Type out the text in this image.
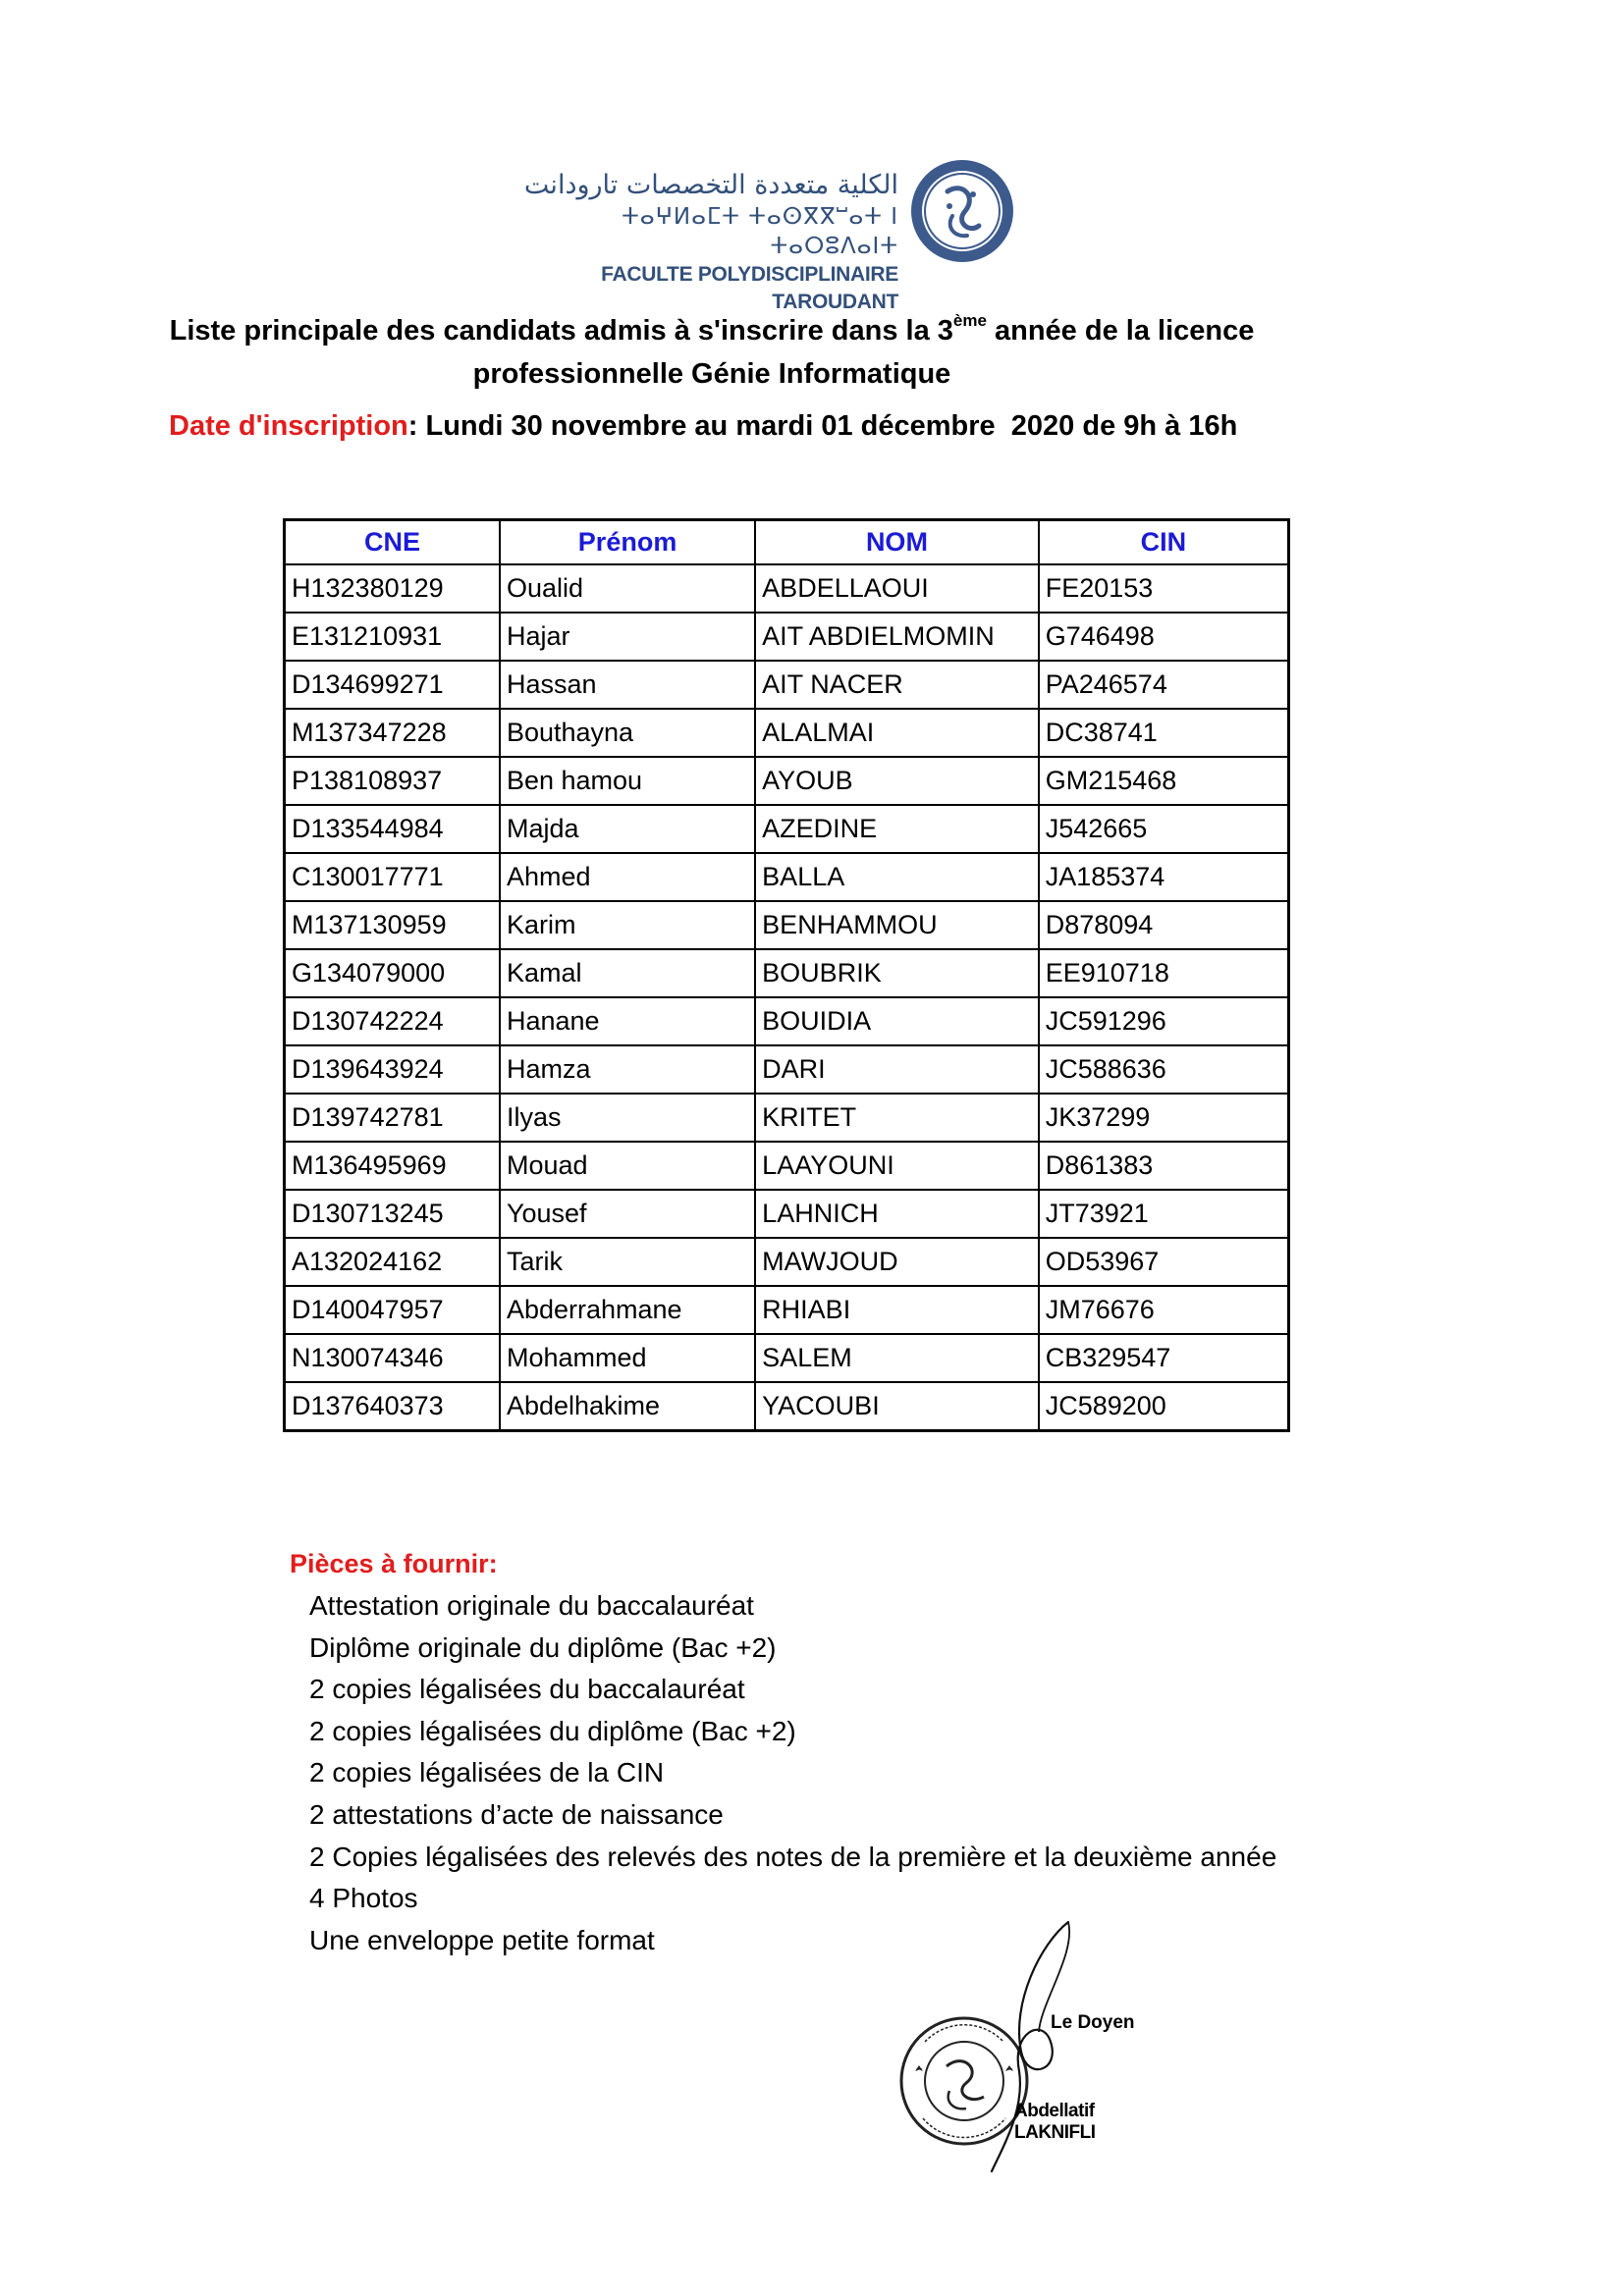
الكلية متعددة التخصصات تارودانت
ⵜⴰⵖⵍⴰⵎⵜ ⵜⴰⵙⴳⴳⵯⴰⵜ ⵏ ⵜⴰⵔⵓⴷⴰⵏⵜ
FACULTE POLYDISCIPLINAIRE TAROUDANT
Liste principale des candidats admis à s'inscrire dans la 3ème année de la licence
professionnelle Génie Informatique
Date d'inscription: Lundi 30 novembre au mardi 01 décembre  2020 de 9h à 16h
CNE	Prénom	NOM	CIN
H132380129	Oualid	ABDELLAOUI	FE20153
E131210931	Hajar	AIT ABDIELMOMIN	G746498
D134699271	Hassan	AIT NACER	PA246574
M137347228	Bouthayna	ALALMAI	DC38741
P138108937	Ben hamou	AYOUB	GM215468
D133544984	Majda	AZEDINE	J542665
C130017771	Ahmed	BALLA	JA185374
M137130959	Karim	BENHAMMOU	D878094
G134079000	Kamal	BOUBRIK	EE910718
D130742224	Hanane	BOUIDIA	JC591296
D139643924	Hamza	DARI	JC588636
D139742781	Ilyas	KRITET	JK37299
M136495969	Mouad	LAAYOUNI	D861383
D130713245	Yousef	LAHNICH	JT73921
A132024162	Tarik	MAWJOUD	OD53967
D140047957	Abderrahmane	RHIABI	JM76676
N130074346	Mohammed	SALEM	CB329547
D137640373	Abdelhakime	YACOUBI	JC589200
Pièces à fournir:
Attestation originale du baccalauréat
Diplôme originale du diplôme (Bac +2)
2 copies légalisées du baccalauréat
2 copies légalisées du diplôme (Bac +2)
2 copies légalisées de la CIN
2 attestations d’acte de naissance
2 Copies légalisées des relevés des notes de la première et la deuxième année
4 Photos
Une enveloppe petite format
Le Doyen
Abdellatif LAKNIFLI
